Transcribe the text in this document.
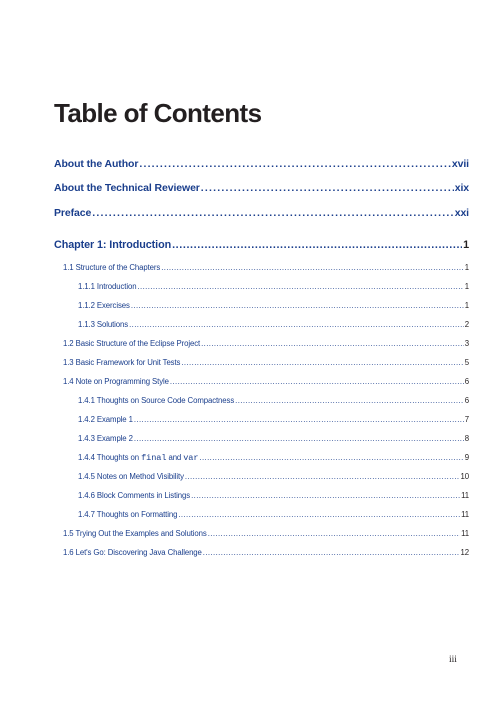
Table of Contents
About the Author .....	xvii
About the Technical Reviewer .....	xix
Preface .....	xxi
Chapter 1: Introduction .....	1
1.1 Structure of the Chapters .....	1
1.1.1 Introduction .....	1
1.1.2 Exercises .....	1
1.1.3 Solutions .....	2
1.2 Basic Structure of the Eclipse Project .....	3
1.3 Basic Framework for Unit Tests .....	5
1.4 Note on Programming Style .....	6
1.4.1 Thoughts on Source Code Compactness .....	6
1.4.2 Example 1 .....	7
1.4.3 Example 2 .....	8
1.4.4 Thoughts on final and var .....	9
1.4.5 Notes on Method Visibility .....	10
1.4.6 Block Comments in Listings .....	11
1.4.7 Thoughts on Formatting .....	11
1.5 Trying Out the Examples and Solutions .....	11
1.6 Let's Go: Discovering Java Challenge .....	12
iii
